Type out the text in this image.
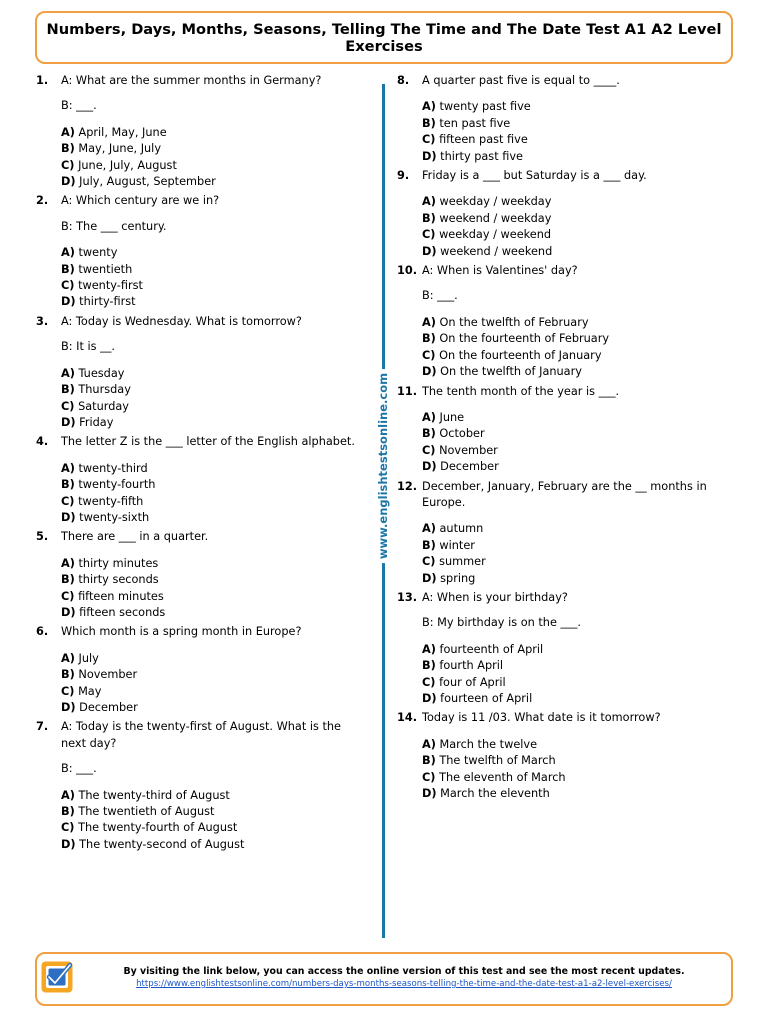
Numbers, Days, Months, Seasons, Telling The Time and The Date Test A1 A2 Level Exercises
1. A: What are the summer months in Germany?
B: ___.
A) April, May, June
B) May, June, July
C) June, July, August
D) July, August, September
2. A: Which century are we in?
B: The ___ century.
A) twenty
B) twentieth
C) twenty-first
D) thirty-first
3. A: Today is Wednesday. What is tomorrow?
B: It is __.
A) Tuesday
B) Thursday
C) Saturday
D) Friday
4. The letter Z is the ___ letter of the English alphabet.
A) twenty-third
B) twenty-fourth
C) twenty-fifth
D) twenty-sixth
5. There are ___ in a quarter.
A) thirty minutes
B) thirty seconds
C) fifteen minutes
D) fifteen seconds
6. Which month is a spring month in Europe?
A) July
B) November
C) May
D) December
7. A: Today is the twenty-first of August. What is the next day?
B: ___.
A) The twenty-third of August
B) The twentieth of August
C) The twenty-fourth of August
D) The twenty-second of August
www.englishtestsonline.com
8. A quarter past five is equal to ____.
A) twenty past five
B) ten past five
C) fifteen past five
D) thirty past five
9. Friday is a ___ but Saturday is a ___ day.
A) weekday / weekday
B) weekend / weekday
C) weekday / weekend
D) weekend / weekend
10. A: When is Valentines' day?
B: ___.
A) On the twelfth of February
B) On the fourteenth of February
C) On the fourteenth of January
D) On the twelfth of January
11. The tenth month of the year is ___.
A) June
B) October
C) November
D) December
12. December, January, February are the __ months in Europe.
A) autumn
B) winter
C) summer
D) spring
13. A: When is your birthday?
B: My birthday is on the ___.
A) fourteenth of April
B) fourth April
C) four of April
D) fourteen of April
14. Today is 11 /03. What date is it tomorrow?
A) March the twelve
B) The twelfth of March
C) The eleventh of March
D) March the eleventh
By visiting the link below, you can access the online version of this test and see the most recent updates.
https://www.englishtestsonline.com/numbers-days-months-seasons-telling-the-time-and-the-date-test-a1-a2-level-exercises/
